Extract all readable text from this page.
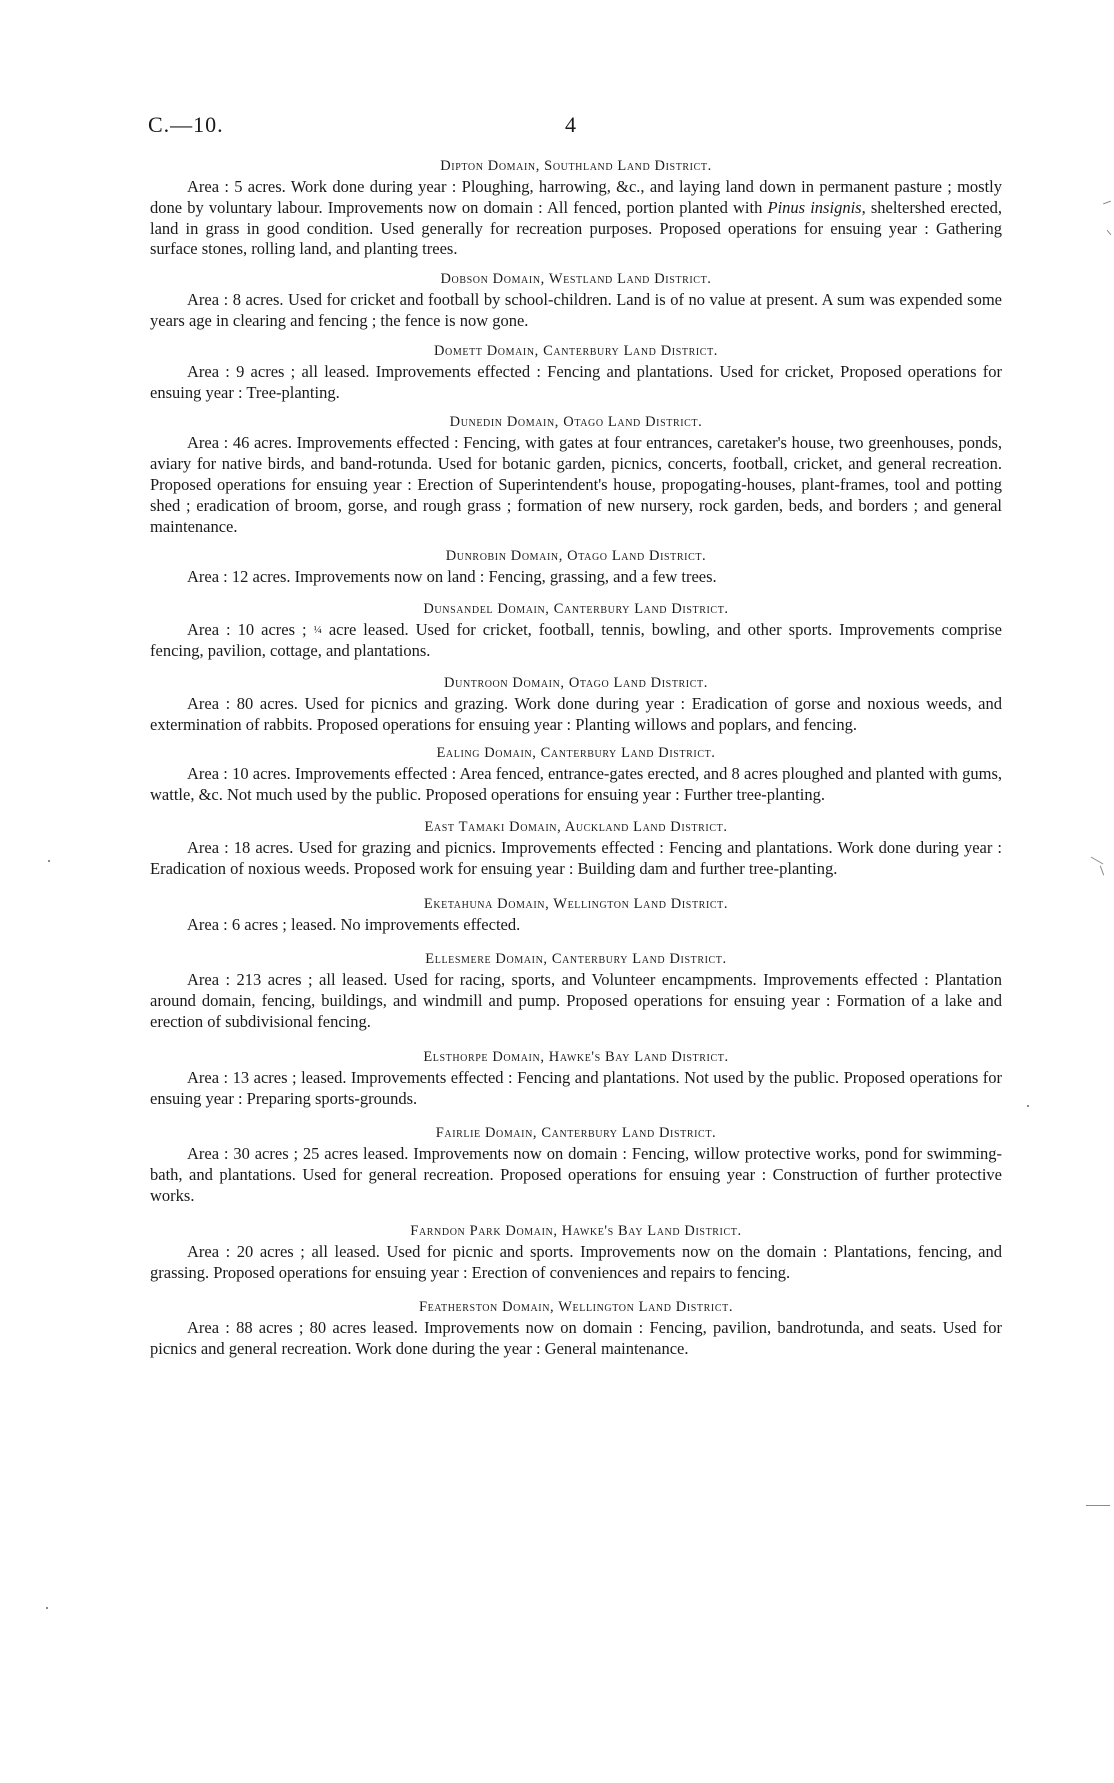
C.—10.	4

Dipton Domain, Southland Land District.

Area : 5 acres. Work done during year : Ploughing, harrowing, &c., and laying land down in permanent pasture ; mostly done by voluntary labour. Improvements now on domain : All fenced, portion planted with Pinus insignis, sheltershed erected, land in grass in good condition. Used generally for recreation purposes. Proposed operations for ensuing year : Gathering surface stones, rolling land, and planting trees.

Dobson Domain, Westland Land District.

Area : 8 acres. Used for cricket and football by school-children. Land is of no value at present. A sum was expended some years age in clearing and fencing ; the fence is now gone.

Domett Domain, Canterbury Land District.

Area : 9 acres ; all leased. Improvements effected : Fencing and plantations. Used for cricket, Proposed operations for ensuing year : Tree-planting.

Dunedin Domain, Otago Land District.

Area : 46 acres. Improvements effected : Fencing, with gates at four entrances, caretaker's house, two greenhouses, ponds, aviary for native birds, and band-rotunda. Used for botanic garden, picnics, concerts, football, cricket, and general recreation. Proposed operations for ensuing year : Erection of Superintendent's house, propogating-houses, plant-frames, tool and potting shed ; eradication of broom, gorse, and rough grass ; formation of new nursery, rock garden, beds, and borders ; and general maintenance.

Dunrobin Domain, Otago Land District.

Area : 12 acres. Improvements now on land : Fencing, grassing, and a few trees.

Dunsandel Domain, Canterbury Land District.

Area : 10 acres ; ¼ acre leased. Used for cricket, football, tennis, bowling, and other sports. Improvements comprise fencing, pavilion, cottage, and plantations.

Duntroon Domain, Otago Land District.

Area : 80 acres. Used for picnics and grazing. Work done during year : Eradication of gorse and noxious weeds, and extermination of rabbits. Proposed operations for ensuing year : Planting willows and poplars, and fencing.

Ealing Domain, Canterbury Land District.

Area : 10 acres. Improvements effected : Area fenced, entrance-gates erected, and 8 acres ploughed and planted with gums, wattle, &c. Not much used by the public. Proposed operations for ensuing year : Further tree-planting.

East Tamaki Domain, Auckland Land District.

Area : 18 acres. Used for grazing and picnics. Improvements effected : Fencing and plantations. Work done during year : Eradication of noxious weeds. Proposed work for ensuing year : Building dam and further tree-planting.

Eketahuna Domain, Wellington Land District.

Area : 6 acres ; leased. No improvements effected.

Ellesmere Domain, Canterbury Land District.

Area : 213 acres ; all leased. Used for racing, sports, and Volunteer encampments. Improvements effected : Plantation around domain, fencing, buildings, and windmill and pump. Proposed operations for ensuing year : Formation of a lake and erection of subdivisional fencing.

Elsthorpe Domain, Hawke's Bay Land District.

Area : 13 acres ; leased. Improvements effected : Fencing and plantations. Not used by the public. Proposed operations for ensuing year : Preparing sports-grounds.

Fairlie Domain, Canterbury Land District.

Area : 30 acres ; 25 acres leased. Improvements now on domain : Fencing, willow protective works, pond for swimming-bath, and plantations. Used for general recreation. Proposed operations for ensuing year : Construction of further protective works.

Farndon Park Domain, Hawke's Bay Land District.

Area : 20 acres ; all leased. Used for picnic and sports. Improvements now on the domain : Plantations, fencing, and grassing. Proposed operations for ensuing year : Erection of conveniences and repairs to fencing.

Featherston Domain, Wellington Land District.

Area : 88 acres ; 80 acres leased. Improvements now on domain : Fencing, pavilion, bandrotunda, and seats. Used for picnics and general recreation. Work done during the year : General maintenance.
